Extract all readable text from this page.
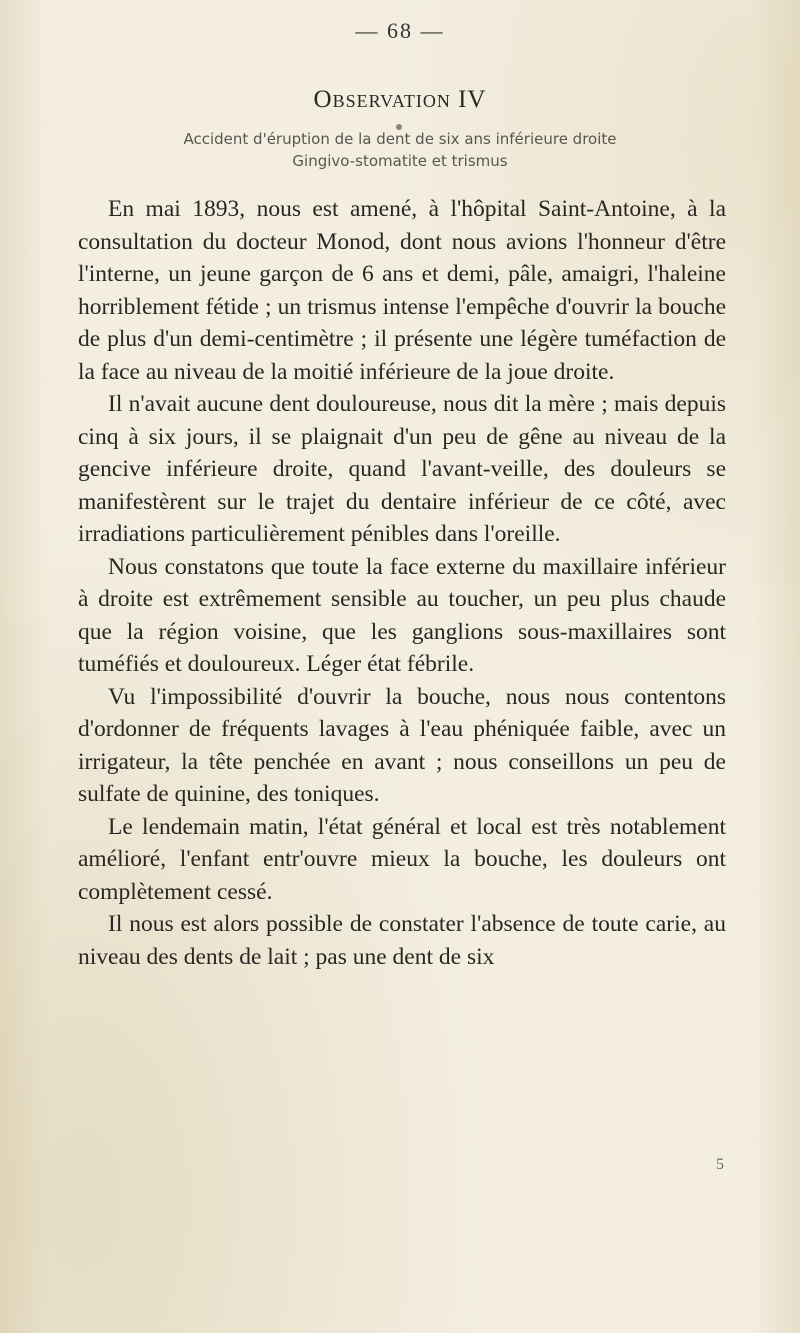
— 68 —
Observation IV
Accident d'éruption de la dent de six ans inférieure droite
Gingivo-stomatite et trismus

En mai 1893, nous est amené, à l'hôpital Saint-Antoine, à la consultation du docteur Monod, dont nous avions l'honneur d'être l'interne, un jeune garçon de 6 ans et demi, pâle, amaigri, l'haleine horriblement fétide ; un trismus intense l'empêche d'ouvrir la bouche de plus d'un demi-centimètre ; il présente une légère tuméfaction de la face au niveau de la moitié inférieure de la joue droite.

Il n'avait aucune dent douloureuse, nous dit la mère ; mais depuis cinq à six jours, il se plaignait d'un peu de gêne au niveau de la gencive inférieure droite, quand l'avant-veille, des douleurs se manifestèrent sur le trajet du dentaire inférieur de ce côté, avec irradiations particulièrement pénibles dans l'oreille.

Nous constatons que toute la face externe du maxillaire inférieur à droite est extrêmement sensible au toucher, un peu plus chaude que la région voisine, que les ganglions sous-maxillaires sont tuméfiés et douloureux. Léger état fébrile.

Vu l'impossibilité d'ouvrir la bouche, nous nous contentons d'ordonner de fréquents lavages à l'eau phéniquée faible, avec un irrigateur, la tête penchée en avant ; nous conseillons un peu de sulfate de quinine, des toniques.

Le lendemain matin, l'état général et local est très notablement amélioré, l'enfant entr'ouvre mieux la bouche, les douleurs ont complètement cessé.

Il nous est alors possible de constater l'absence de toute carie, au niveau des dents de lait ; pas une dent de six

5
